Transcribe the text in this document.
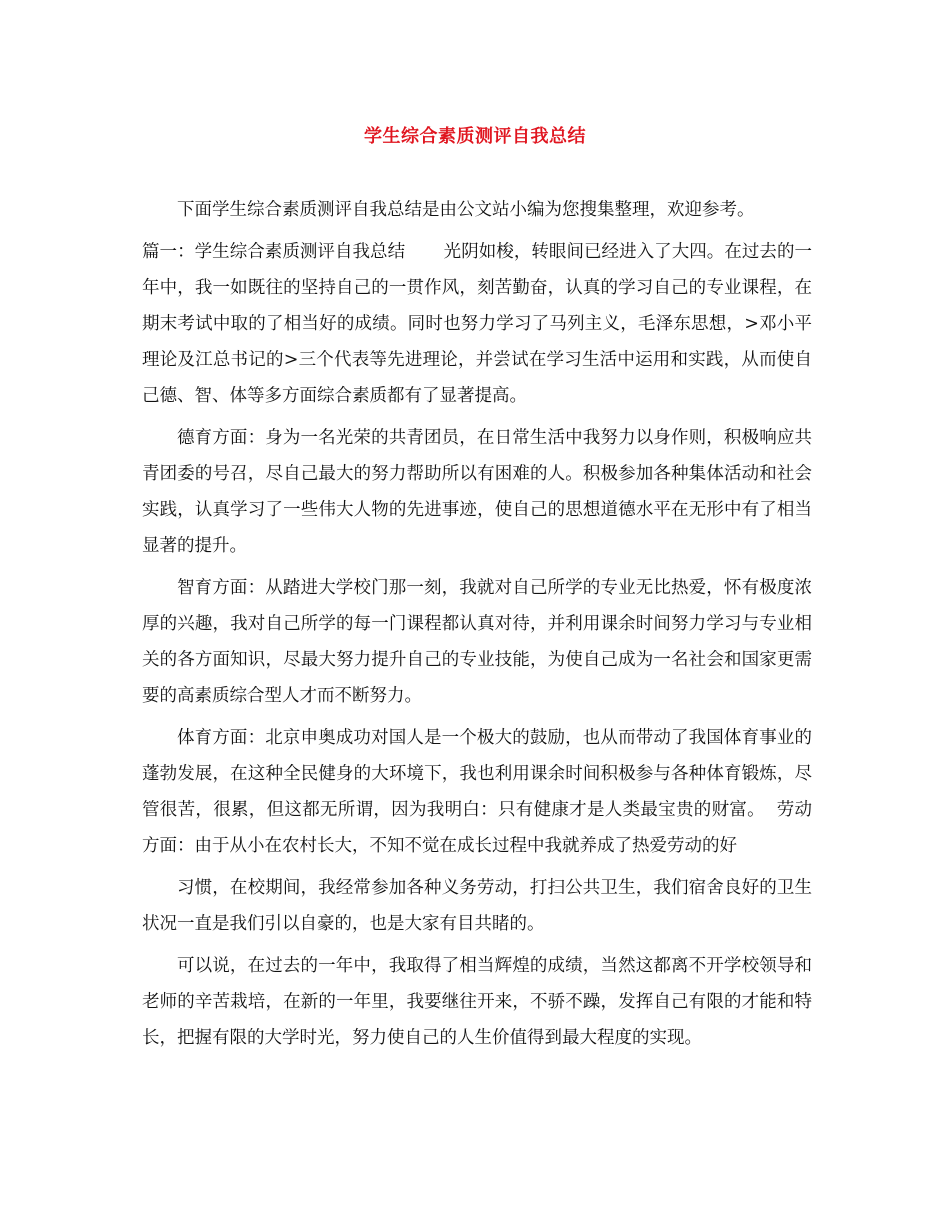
学生综合素质测评自我总结

下面学生综合素质测评自我总结是由公文站小编为您搜集整理，欢迎参考。

篇一：学生综合素质测评自我总结 光阴如梭，转眼间已经进入了大四。在过去的一年中，我一如既往的坚持自己的一贯作风，刻苦勤奋，认真的学习自己的专业课程，在期末考试中取的了相当好的成绩。同时也努力学习了马列主义，毛泽东思想，>邓小平理论及江总书记的>三个代表等先进理论，并尝试在学习生活中运用和实践，从而使自己德、智、体等多方面综合素质都有了显著提高。

德育方面：身为一名光荣的共青团员，在日常生活中我努力以身作则，积极响应共青团委的号召，尽自己最大的努力帮助所以有困难的人。积极参加各种集体活动和社会实践，认真学习了一些伟大人物的先进事迹，使自己的思想道德水平在无形中有了相当显著的提升。

智育方面：从踏进大学校门那一刻，我就对自己所学的专业无比热爱，怀有极度浓厚的兴趣，我对自己所学的每一门课程都认真对待，并利用课余时间努力学习与专业相关的各方面知识，尽最大努力提升自己的专业技能，为使自己成为一名社会和国家更需要的高素质综合型人才而不断努力。

体育方面：北京申奥成功对国人是一个极大的鼓励，也从而带动了我国体育事业的蓬勃发展，在这种全民健身的大环境下，我也利用课余时间积极参与各种体育锻炼，尽管很苦，很累，但这都无所谓，因为我明白：只有健康才是人类最宝贵的财富。 劳动方面：由于从小在农村长大，不知不觉在成长过程中我就养成了热爱劳动的好

习惯，在校期间，我经常参加各种义务劳动，打扫公共卫生，我们宿舍良好的卫生状况一直是我们引以自豪的，也是大家有目共睹的。

可以说，在过去的一年中，我取得了相当辉煌的成绩，当然这都离不开学校领导和老师的辛苦栽培，在新的一年里，我要继往开来，不骄不躁，发挥自己有限的才能和特长，把握有限的大学时光，努力使自己的人生价值得到最大程度的实现。
